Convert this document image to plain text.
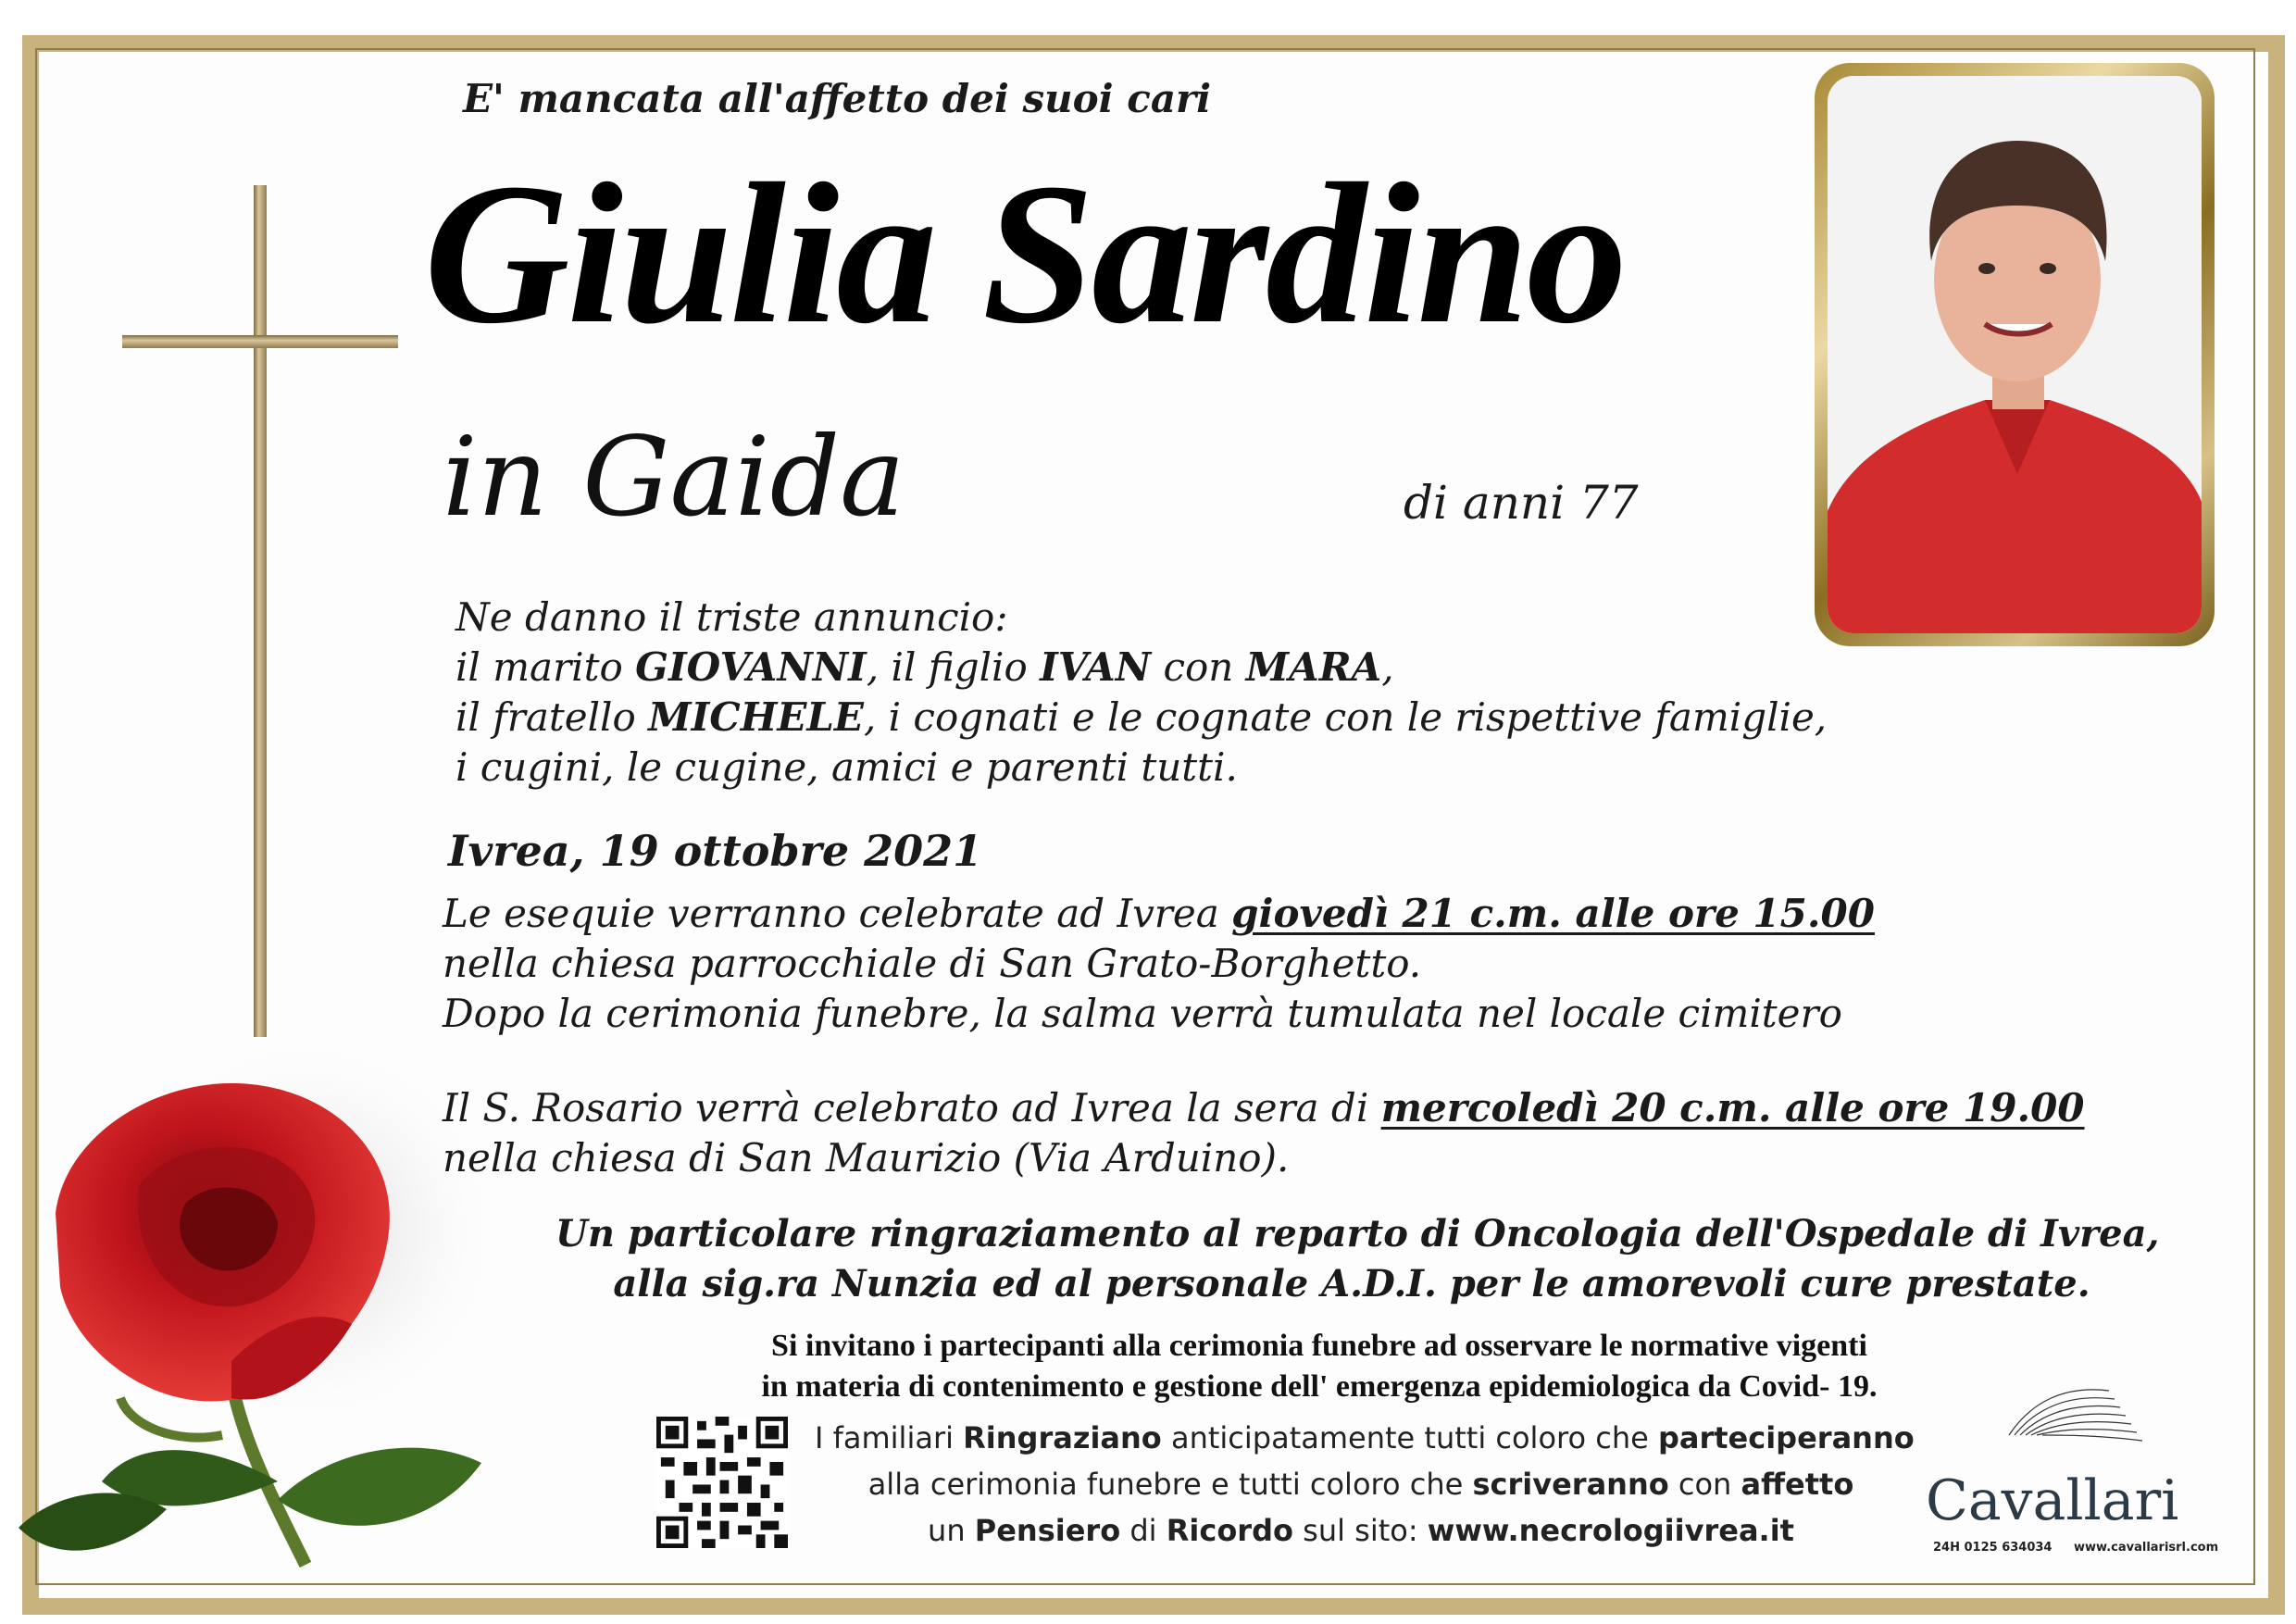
E' mancata all'affetto dei suoi cari
Giulia Sardino
in Gaida	di anni 77
Ne danno il triste annuncio:
il marito GIOVANNI, il figlio IVAN con MARA,
il fratello MICHELE, i cognati e le cognate con le rispettive famiglie,
i cugini, le cugine, amici e parenti tutti.
Ivrea, 19 ottobre 2021
Le esequie verranno celebrate ad Ivrea giovedì 21 c.m. alle ore 15.00
nella chiesa parrocchiale di San Grato-Borghetto.
Dopo la cerimonia funebre, la salma verrà tumulata nel locale cimitero
Il S. Rosario verrà celebrato ad Ivrea la sera di mercoledì 20 c.m. alle ore 19.00
nella chiesa di San Maurizio (Via Arduino).
Un particolare ringraziamento al reparto di Oncologia dell'Ospedale di Ivrea,
alla sig.ra Nunzia ed al personale A.D.I. per le amorevoli cure prestate.
Si invitano i partecipanti alla cerimonia funebre ad osservare le normative vigenti
in materia di contenimento e gestione dell' emergenza epidemiologica da Covid- 19.
I familiari Ringraziano anticipatamente tutti coloro che parteciperanno
alla cerimonia funebre e tutti coloro che scriveranno con affetto
un Pensiero di Ricordo sul sito: www.necrologiivrea.it	Cavallari
24H 0125 634034 www.cavallarisrl.com
